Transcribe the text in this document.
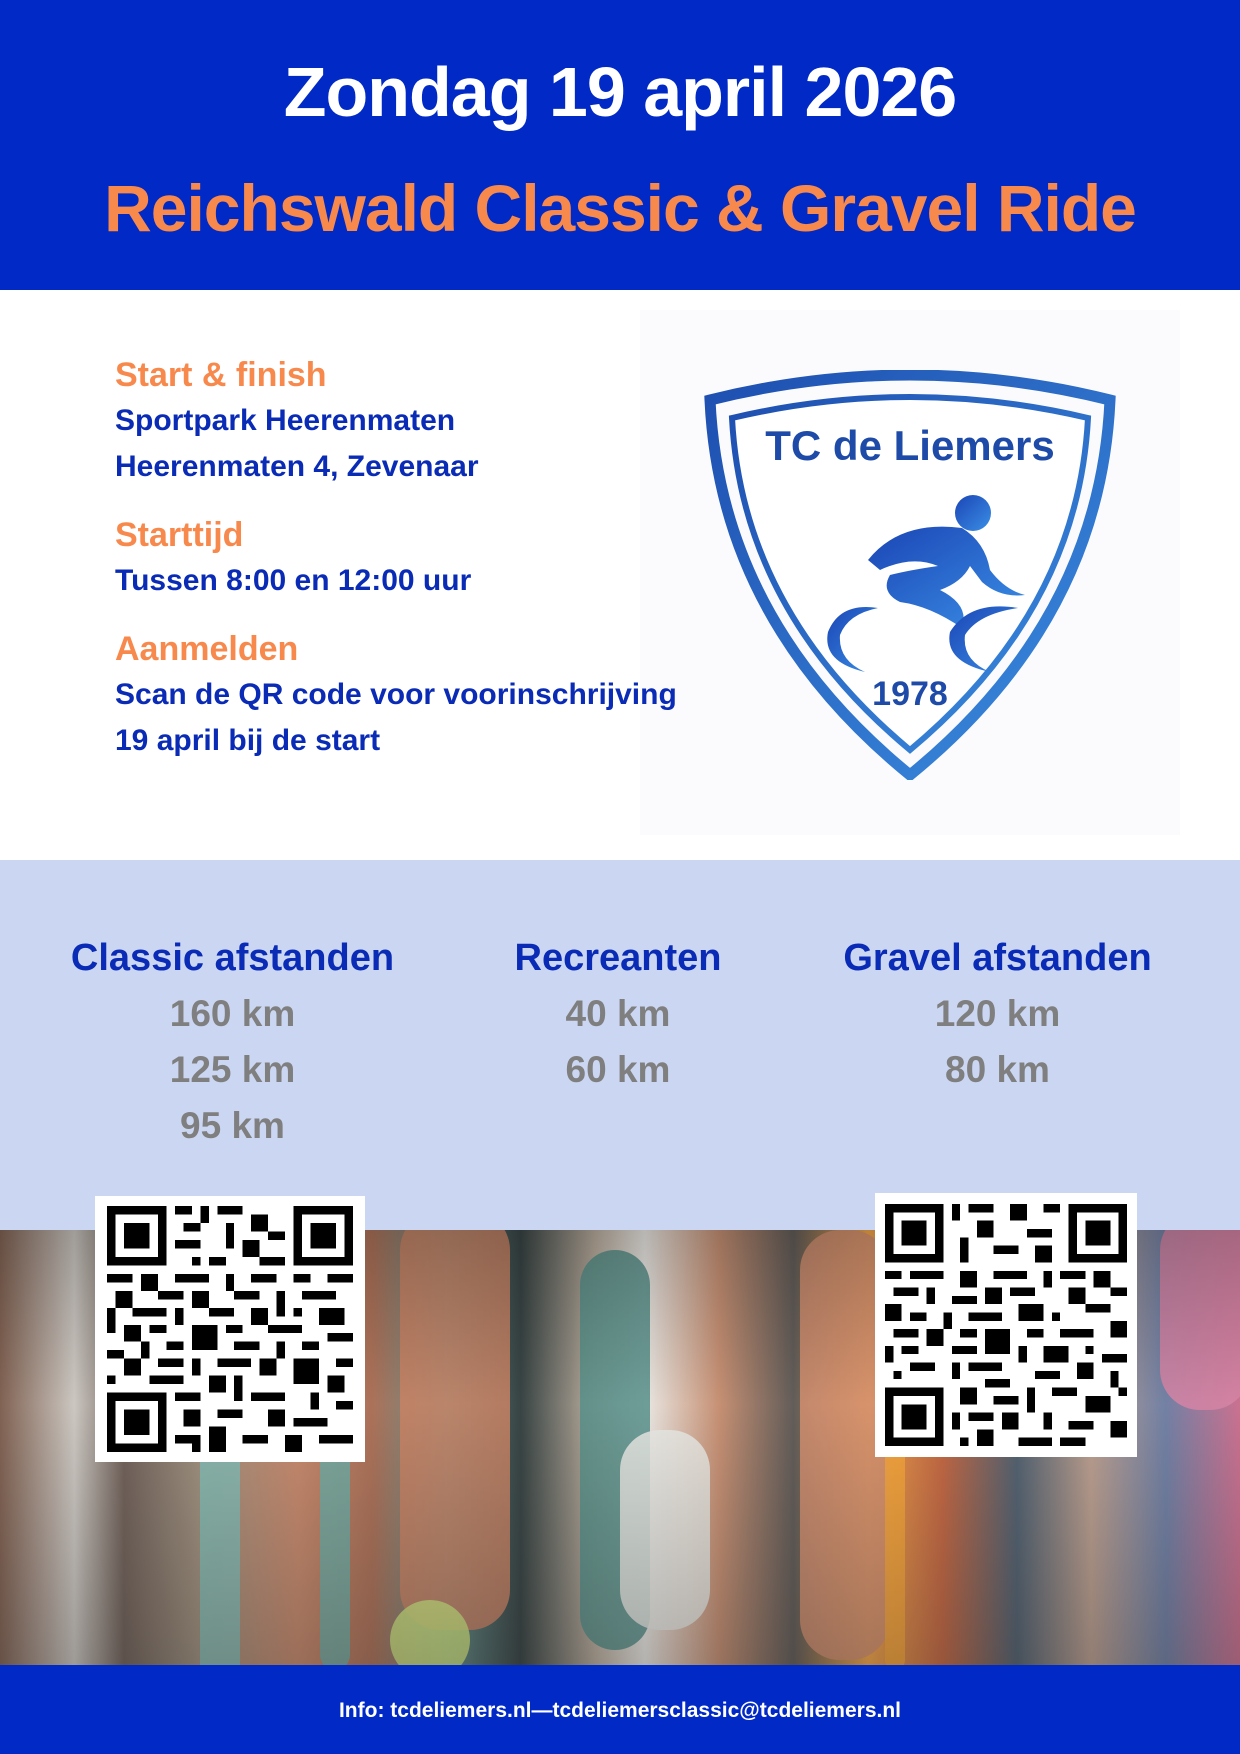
Zondag 19 april 2026
Reichswald Classic & Gravel Ride
Start & finish
Sportpark Heerenmaten
Heerenmaten 4, Zevenaar
Starttijd
Tussen 8:00 en 12:00 uur
Aanmelden
Scan de QR code voor voorinschrijving
19 april bij de start
TC de Liemers
1978
Classic afstanden
160 km
125 km
95 km
Recreanten
40 km
60 km
Gravel afstanden
120 km
80 km
Info: tcdeliemers.nl—tcdeliemersclassic@tcdeliemers.nl
